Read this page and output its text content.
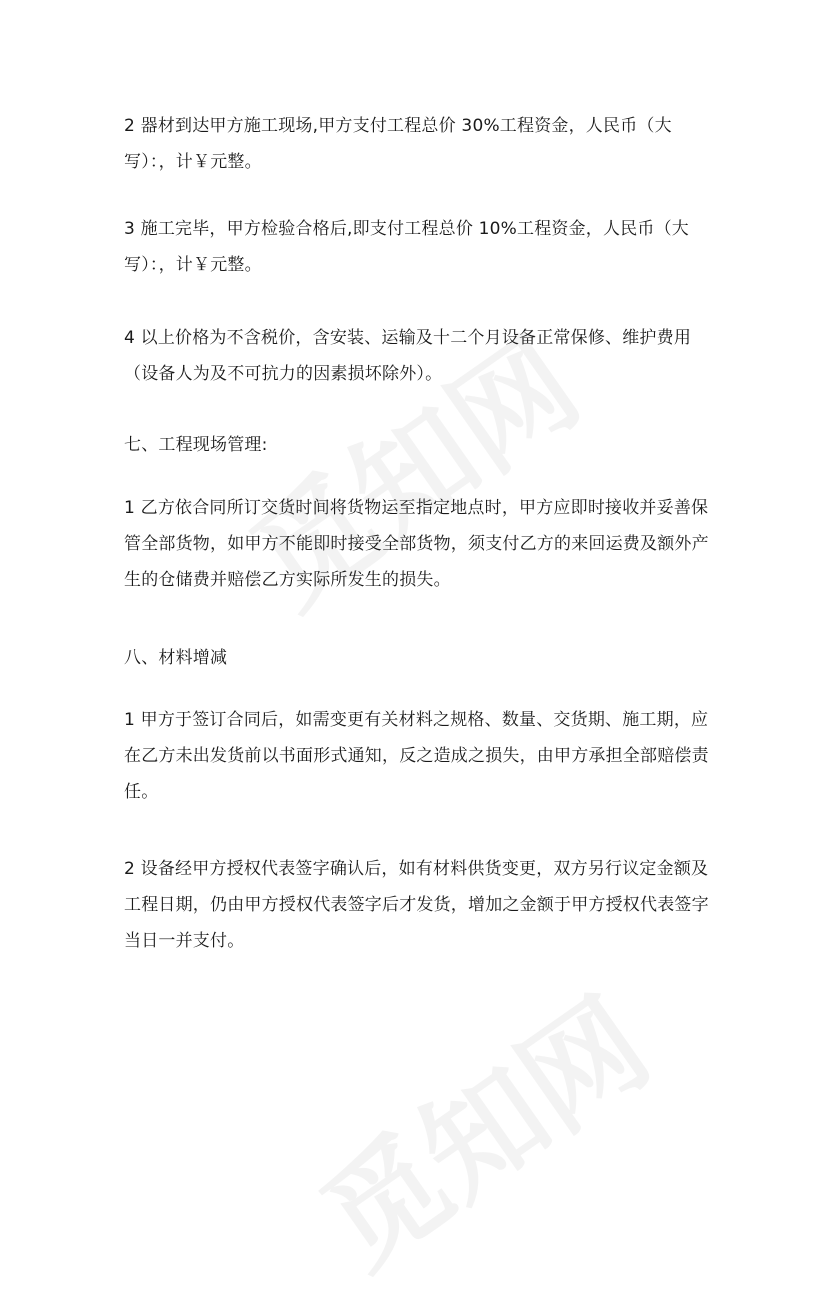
2 器材到达甲方施工现场,甲方支付工程总价 30%工程资金，人民币（大
写）：，计￥元整。

3 施工完毕，甲方检验合格后,即支付工程总价 10%工程资金，人民币（大
写）：，计￥元整。

4 以上价格为不含税价，含安装、运输及十二个月设备正常保修、维护费用
（设备人为及不可抗力的因素损坏除外）。

七、工程现场管理:

1 乙方依合同所订交货时间将货物运至指定地点时，甲方应即时接收并妥善保
管全部货物，如甲方不能即时接受全部货物，须支付乙方的来回运费及额外产
生的仓储费并赔偿乙方实际所发生的损失。

八、材料增减

1 甲方于签订合同后，如需变更有关材料之规格、数量、交货期、施工期，应
在乙方未出发货前以书面形式通知，反之造成之损失，由甲方承担全部赔偿责
任。

2 设备经甲方授权代表签字确认后，如有材料供货变更，双方另行议定金额及
工程日期，仍由甲方授权代表签字后才发货，增加之金额于甲方授权代表签字
当日一并支付。
